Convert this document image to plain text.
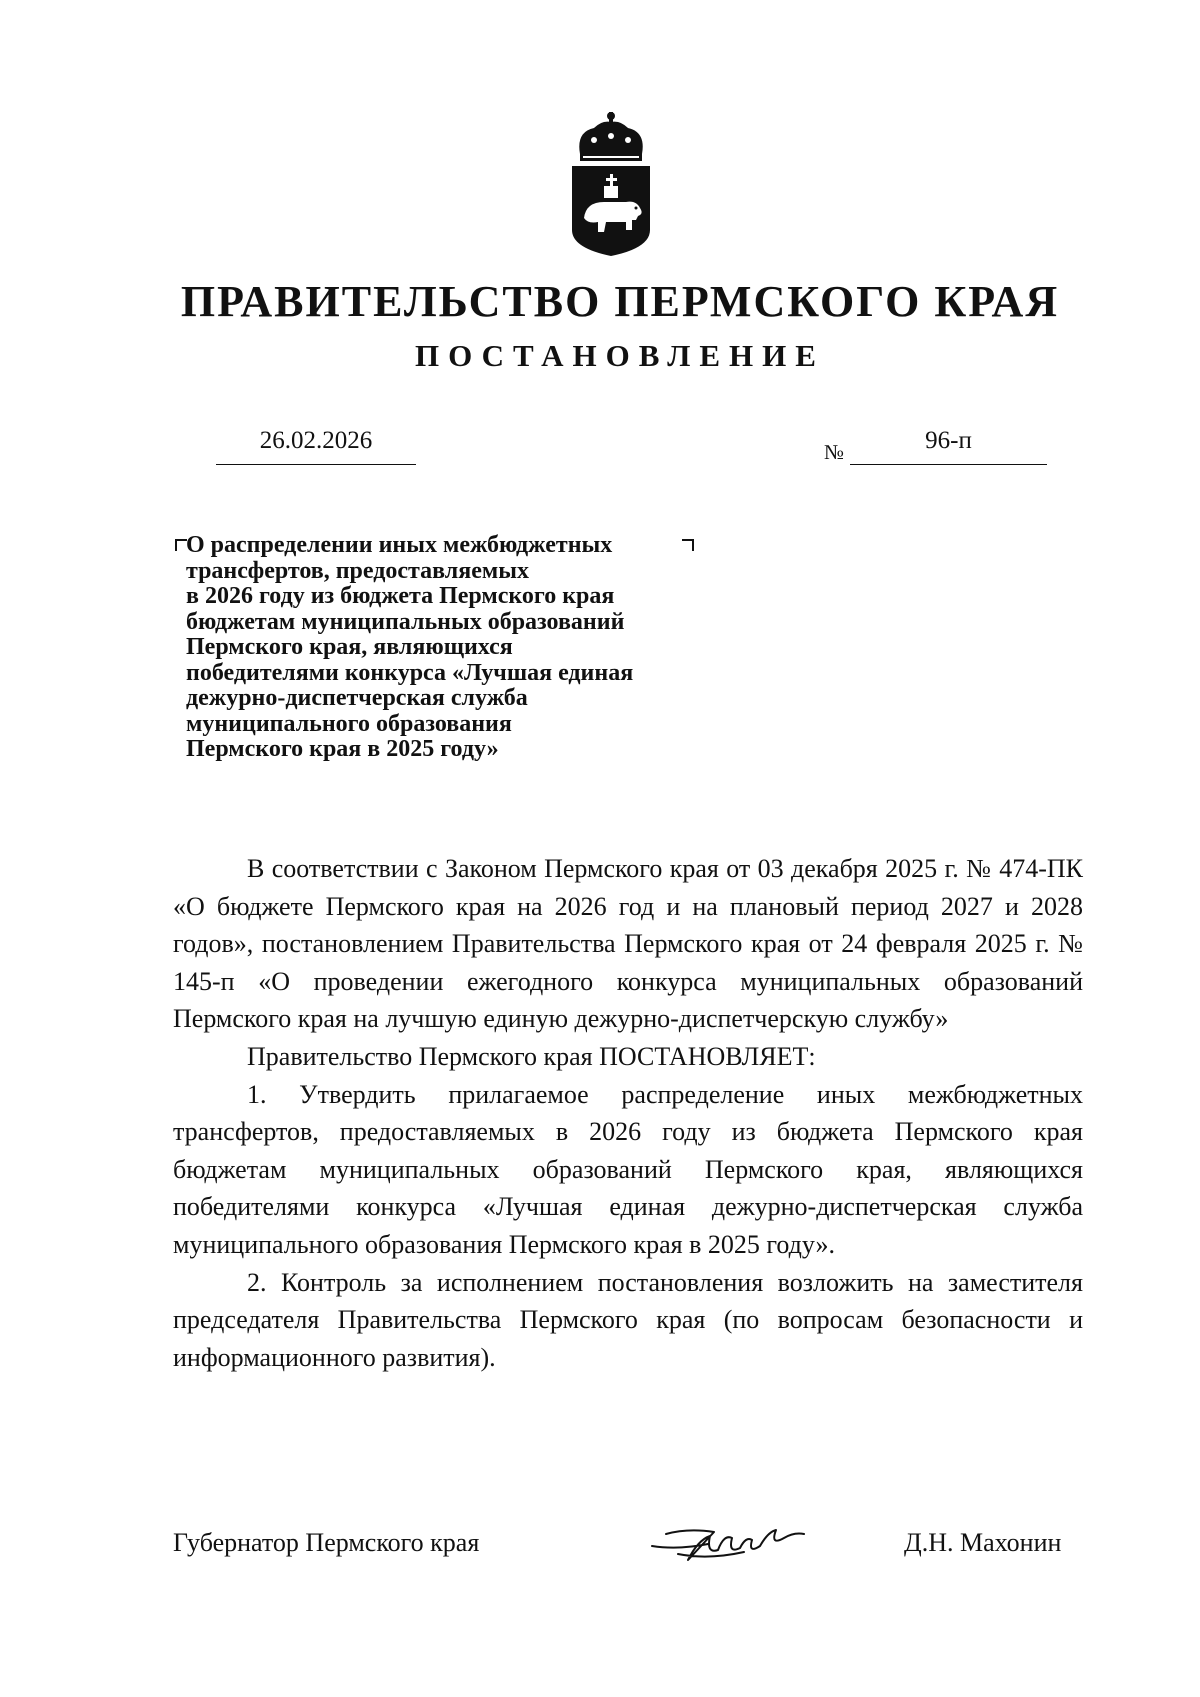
ПРАВИТЕЛЬСТВО ПЕРМСКОГО КРАЯ
ПОСТАНОВЛЕНИЕ
26.02.2026	№	96-п
О распределении иных межбюджетных
трансфертов, предоставляемых
в 2026 году из бюджета Пермского края
бюджетам муниципальных образований
Пермского края, являющихся
победителями конкурса «Лучшая единая
дежурно-диспетчерская служба
муниципального образования
Пермского края в 2025 году»

В соответствии с Законом Пермского края от 03 декабря 2025 г. № 474-ПК «О бюджете Пермского края на 2026 год и на плановый период 2027 и 2028 годов», постановлением Правительства Пермского края от 24 февраля 2025 г. № 145-п «О проведении ежегодного конкурса муниципальных образований Пермского края на лучшую единую дежурно-диспетчерскую службу»

Правительство Пермского края ПОСТАНОВЛЯЕТ:

1. Утвердить прилагаемое распределение иных межбюджетных трансфертов, предоставляемых в 2026 году из бюджета Пермского края бюджетам муниципальных образований Пермского края, являющихся победителями конкурса «Лучшая единая дежурно-диспетчерская служба муниципального образования Пермского края в 2025 году».

2. Контроль за исполнением постановления возложить на заместителя председателя Правительства Пермского края (по вопросам безопасности и информационного развития).

Губернатор Пермского края	Д.Н. Махонин
